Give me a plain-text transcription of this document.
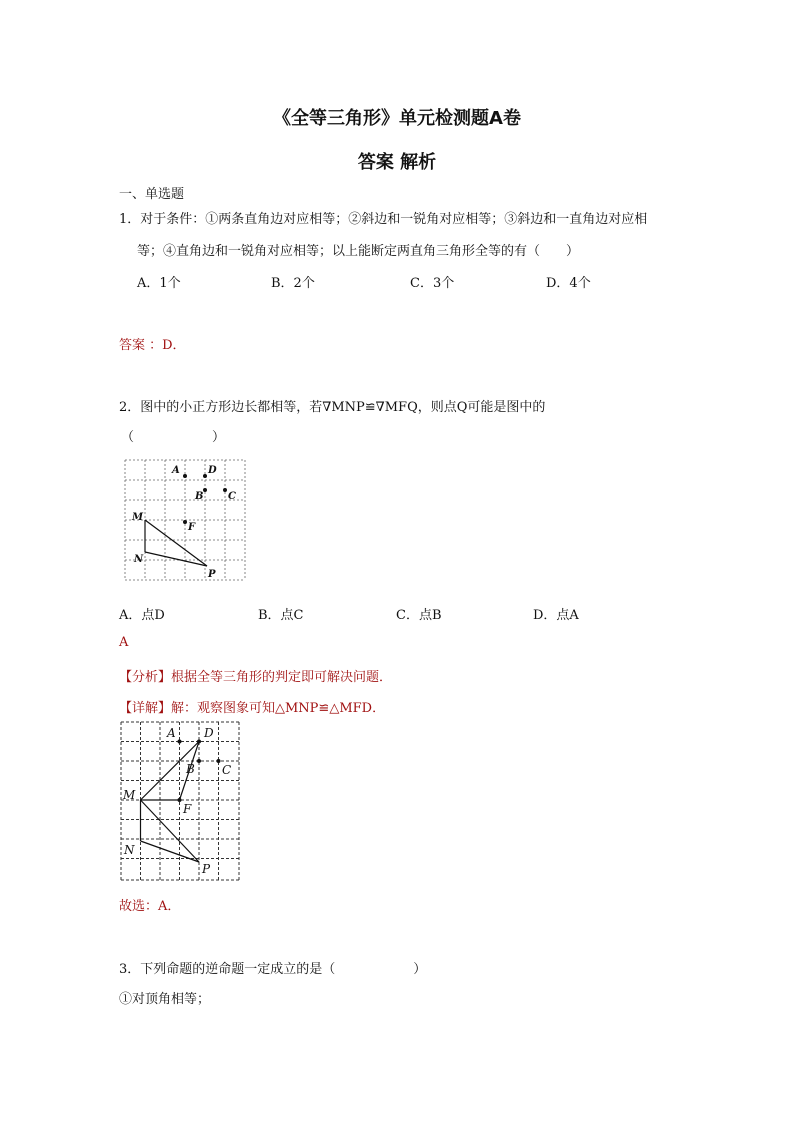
《全等三角形》单元检测题A卷
答案 解析
一、单选题
1．对于条件：①两条直角边对应相等；②斜边和一锐角对应相等；③斜边和一直角边对应相
等；④直角边和一锐角对应相等；以上能断定两直角三角形全等的有（　　）
A．1个	B．2个	C．3个	D．4个
答案 ：D．
2．图中的小正方形边长都相等，若∇MNP≌∇MFQ，则点Q可能是图中的
（　　　　　　）
A	D
B C
M
F
N
P
A．点D	B．点C	C．点B	D．点A
A
【分析】根据全等三角形的判定即可解决问题．
【详解】解：观察图象可知△MNP≌△MFD．
A D
B C
M
F
N
P
故选：A．
3．下列命题的逆命题一定成立的是（　　　　　　）
①对顶角相等；
